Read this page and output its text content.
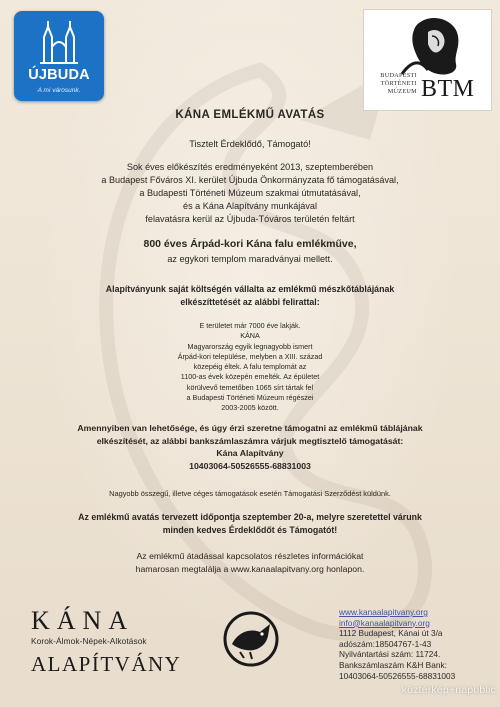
ÚJBUDA
A mi városunk.
BUDAPESTI
TÖRTÉNETI
MÚZEUM BTM
KÁNA EMLÉKMŰ AVATÁS
Tisztelt Érdeklődő, Támogató!
Sok éves előkészítés eredményeként 2013, szeptemberében
a Budapest Főváros XI. kerület Újbuda Önkormányzata fő támogatásával,
a Budapesti Történeti Múzeum szakmai útmutatásával,
és a Kána Alapítvány munkájával
felavatásra kerül az Újbuda-Tóváros területén feltárt
800 éves Árpád-kori Kána falu emlékműve,
az egykori templom maradványai mellett.
Alapítványunk saját költségén vállalta az emlékmű mészkőtáblájának
elkészíttetését az alábbi felirattal:
E területet már 7000 éve lakják.
KÁNA
Magyarország egyik legnagyobb ismert
Árpád-kori települése, melyben a XIII. század
közepéig éltek. A falu templomát az
1100-as évek közepén emelték. Az épületet
körülvevő temetőben 1065 sírt tártak fel
a Budapesti Történeti Múzeum régészei
2003-2005 között.
Amennyiben van lehetősége, és úgy érzi szeretne támogatni az emlékmű táblájának
elkészítését, az alábbi bankszámlaszámra várjuk megtisztelő támogatását:
Kána Alapítvány
10403064-50526555-68831003
Nagyobb összegű, illetve céges támogatások esetén Támogatási Szerződést küldünk.
Az emlékmű avatás tervezett időpontja szeptember 20-a, melyre szeretettel várunk
minden kedves Érdeklődőt és Támogatót!
Az emlékmű átadással kapcsolatos részletes információkat
hamarosan megtalálja a www.kanaalapitvany.org honlapon.
KÁNA
Korok-Álmok-Népek-Alkotások
ALAPÍTVÁNY
www.kanaalapitvany.org
info@kanaalapitvany.org
1112 Budapest, Kánai út 3/a
adószám:18504767-1-43
Nyilvántartási szám: 11724.
Bankszámlaszám K&H Bank:
10403064-50526555-68831003
köztérkép+napublic
